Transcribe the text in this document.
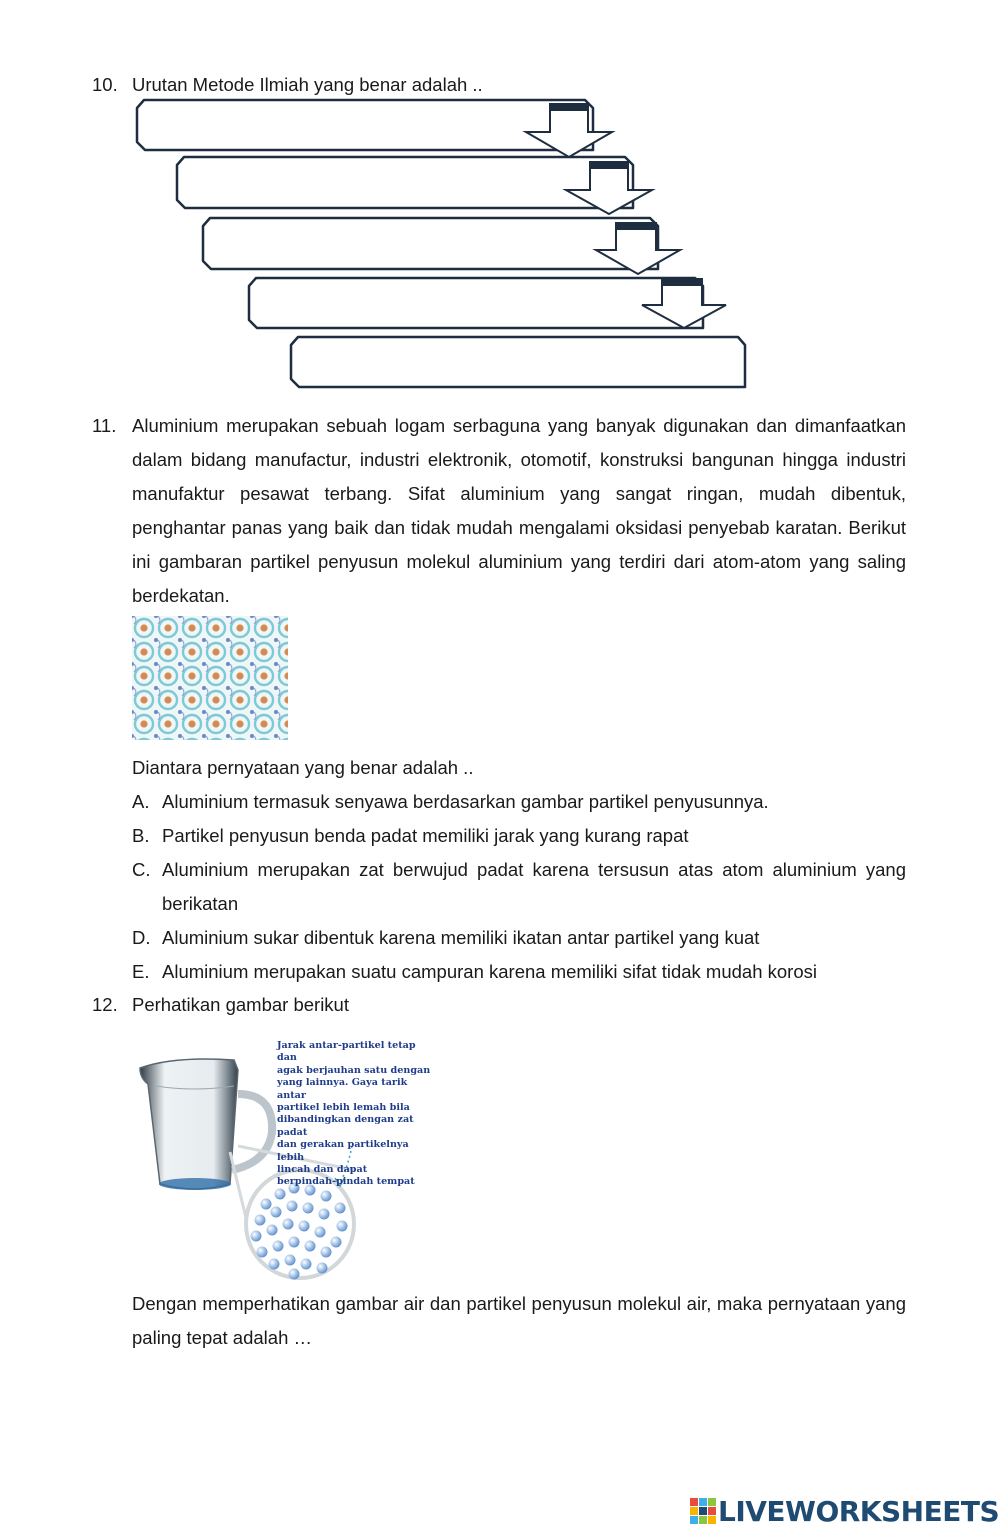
10. Urutan Metode Ilmiah yang benar adalah ..
11. Aluminium merupakan sebuah logam serbaguna yang banyak digunakan dan dimanfaatkan dalam bidang manufactur, industri elektronik, otomotif, konstruksi bangunan hingga industri manufaktur pesawat terbang. Sifat aluminium yang sangat ringan, mudah dibentuk, penghantar panas yang baik dan tidak mudah mengalami oksidasi penyebab karatan. Berikut ini gambaran partikel penyusun molekul aluminium yang terdiri dari atom-atom yang saling berdekatan.
Diantara pernyataan yang benar adalah ..
A. Aluminium termasuk senyawa berdasarkan gambar partikel penyusunnya.
B. Partikel penyusun benda padat memiliki jarak yang kurang rapat
C. Aluminium merupakan zat berwujud padat karena tersusun atas atom aluminium yang berikatan
D. Aluminium sukar dibentuk karena memiliki ikatan antar partikel yang kuat
E. Aluminium merupakan suatu campuran karena memiliki sifat tidak mudah korosi
12. Perhatikan gambar berikut
Jarak antar-partikel tetap dan
agak berjauhan satu dengan
yang lainnya. Gaya tarik antar
partikel lebih lemah bila
dibandingkan dengan zat padat
dan gerakan partikelnya lebih
lincah dan dapat
berpindah-pindah tempat
Dengan memperhatikan gambar air dan partikel penyusun molekul air, maka pernyataan yang paling tepat adalah …
LIVEWORKSHEETS
